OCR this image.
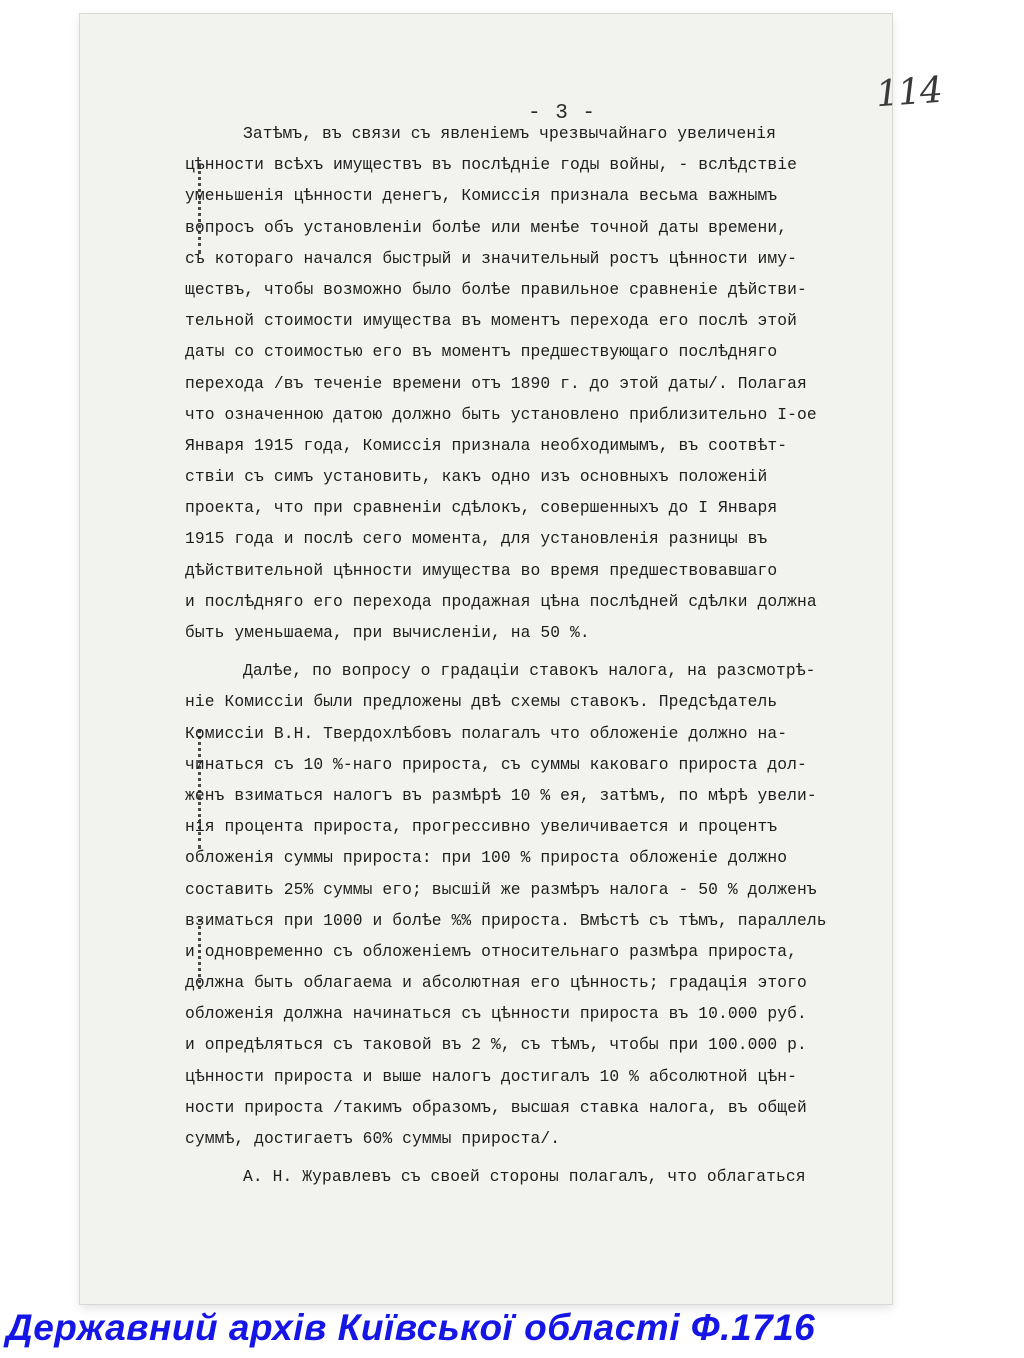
- 3 -	114
Затѣмъ, въ связи съ явленіемъ чрезвычайнаго увеличенія
цѣнности всѣхъ имуществъ въ послѣдніе годы войны, - вслѣдствіе
уменьшенія цѣнности денегъ, Комиссія признала весьма важнымъ
вопросъ объ установленіи болѣе или менѣе точной даты времени,
съ котораго начался быстрый и значительный ростъ цѣнности иму-
ществъ, чтобы возможно было болѣе правильное сравненіе дѣйстви-
тельной стоимости имущества въ моментъ перехода его послѣ этой
даты со стоимостью его въ моментъ предшествующаго послѣдняго
перехода /въ теченіе времени отъ 1890 г. до этой даты/. Полагая
что означенною датою должно быть установлено приблизительно I-ое
Января 1915 года, Комиссія признала необходимымъ, въ соотвѣт-
ствіи съ симъ установить, какъ одно изъ основныхъ положеній
проекта, что при сравненіи сдѣлокъ, совершенныхъ до I Января
1915 года и послѣ сего момента, для установленія разницы въ
дѣйствительной цѣнности имущества во время предшествовавшаго
и послѣдняго его перехода продажная цѣна послѣдней сдѣлки должна
быть уменьшаема, при вычисленіи, на 50 %.
Далѣе, по вопросу о градаціи ставокъ налога, на разсмотрѣ-
ніе Комиссіи были предложены двѣ схемы ставокъ. Предсѣдатель
Комиссіи В.Н. Твердохлѣбовъ полагалъ что обложеніе должно на-
чинаться съ 10 %-наго прироста, съ суммы каковаго прироста дол-
женъ взиматься налогъ въ размѣрѣ 10 % ея, затѣмъ, по мѣрѣ увели-
нія процента прироста, прогрессивно увеличивается и процентъ
обложенія суммы прироста: при 100 % прироста обложеніе должно
составить 25% суммы его; высшій же размѣръ налога - 50 % долженъ
взиматься при 1000 и болѣе %% прироста. Вмѣстѣ съ тѣмъ, параллель
и одновременно съ обложеніемъ относительнаго размѣра прироста,
должна быть облагаема и абсолютная его цѣнность; градація этого
обложенія должна начинаться съ цѣнности прироста въ 10.000 руб.
и опредѣляться съ таковой въ 2 %, съ тѣмъ, чтобы при 100.000 р.
цѣнности прироста и выше налогъ достигалъ 10 % абсолютной цѣн-
ности прироста /такимъ образомъ, высшая ставка налога, въ общей
суммѣ, достигаетъ 60% суммы прироста/.
А. Н. Журавлевъ съ своей стороны полагалъ, что облагаться
Державний архів Київської області Ф.1716
